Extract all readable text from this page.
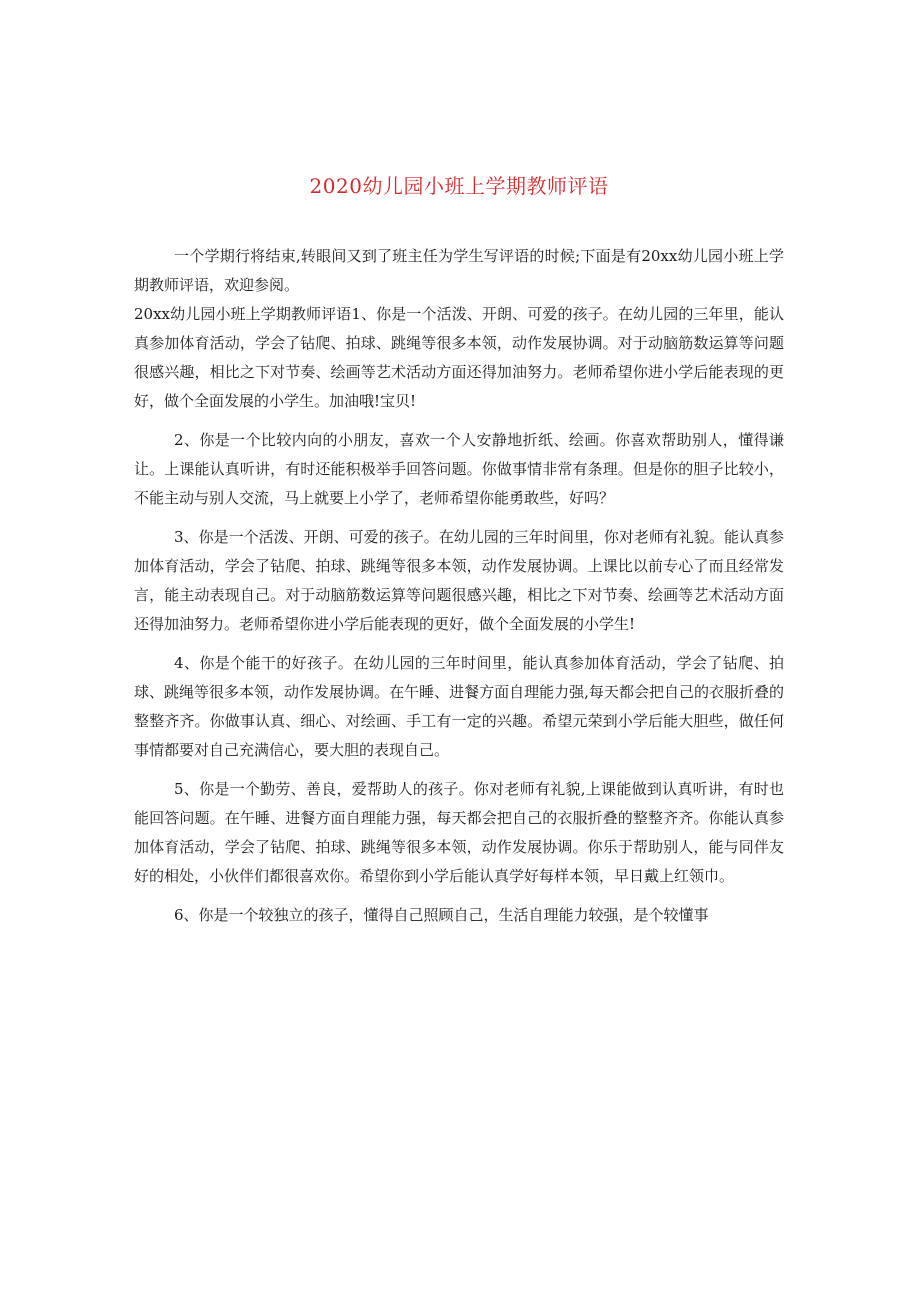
2020幼儿园小班上学期教师评语

一个学期行将结束,转眼间又到了班主任为学生写评语的时候;下面是有20xx幼儿园小班上学期教师评语，欢迎参阅。

20xx幼儿园小班上学期教师评语1、你是一个活泼、开朗、可爱的孩子。在幼儿园的三年里，能认真参加体育活动，学会了钻爬、拍球、跳绳等很多本领，动作发展协调。对于动脑筋数运算等问题很感兴趣，相比之下对节奏、绘画等艺术活动方面还得加油努力。老师希望你进小学后能表现的更好，做个全面发展的小学生。加油哦!宝贝!

2、你是一个比较内向的小朋友，喜欢一个人安静地折纸、绘画。你喜欢帮助别人，懂得谦让。上课能认真听讲，有时还能积极举手回答问题。你做事情非常有条理。但是你的胆子比较小，不能主动与别人交流，马上就要上小学了，老师希望你能勇敢些，好吗？

3、你是一个活泼、开朗、可爱的孩子。在幼儿园的三年时间里，你对老师有礼貌。能认真参加体育活动，学会了钻爬、拍球、跳绳等很多本领，动作发展协调。上课比以前专心了而且经常发言，能主动表现自己。对于动脑筋数运算等问题很感兴趣，相比之下对节奏、绘画等艺术活动方面还得加油努力。老师希望你进小学后能表现的更好，做个全面发展的小学生!

4、你是个能干的好孩子。在幼儿园的三年时间里，能认真参加体育活动，学会了钻爬、拍球、跳绳等很多本领，动作发展协调。在午睡、进餐方面自理能力强,每天都会把自己的衣服折叠的整整齐齐。你做事认真、细心、对绘画、手工有一定的兴趣。希望元荣到小学后能大胆些，做任何事情都要对自己充满信心，要大胆的表现自己。

5、你是一个勤劳、善良，爱帮助人的孩子。你对老师有礼貌,上课能做到认真听讲，有时也能回答问题。在午睡、进餐方面自理能力强，每天都会把自己的衣服折叠的整整齐齐。你能认真参加体育活动，学会了钻爬、拍球、跳绳等很多本领，动作发展协调。你乐于帮助别人，能与同伴友好的相处，小伙伴们都很喜欢你。希望你到小学后能认真学好每样本领，早日戴上红领巾。

6、你是一个较独立的孩子，懂得自己照顾自己，生活自理能力较强，是个较懂事
